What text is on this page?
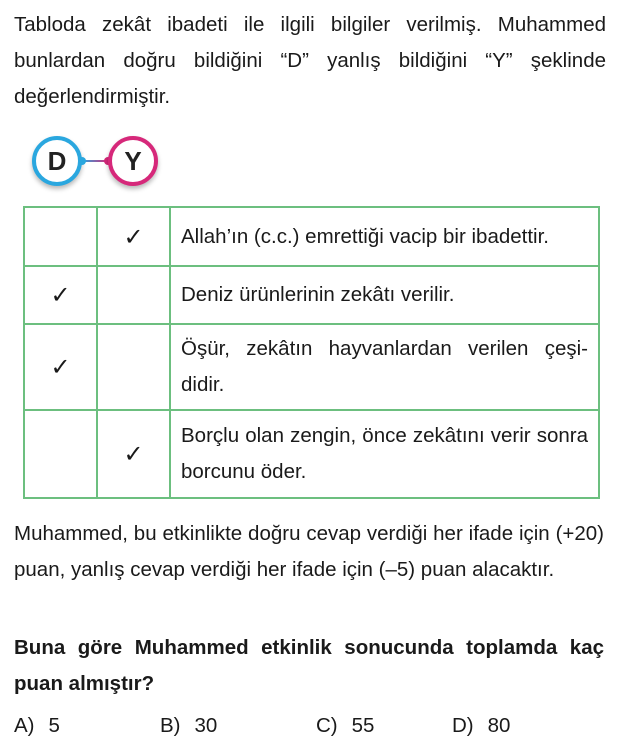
Tabloda zekât ibadeti ile ilgili bilgiler verilmiş. Muhammed bunlardan doğru bildiğini “D” yanlış bildiğini “Y” şeklinde değerlendirmiştir.
D	Y
	✓	Allah’ın (c.c.) emrettiği vacip bir ibadettir.
✓		Deniz ürünlerinin zekâtı verilir.
✓		Öşür, zekâtın hayvanlardan verilen çeşi-didir.
	✓	Borçlu olan zengin, önce zekâtını verir sonra borcunu öder.
Muhammed, bu etkinlikte doğru cevap verdiği her ifade için (+20) puan, yanlış cevap verdiği her ifade için (–5) puan alacaktır.
Buna göre Muhammed etkinlik sonucunda toplamda kaç puan almıştır?
A) 5	B) 30	C) 55	D) 80
